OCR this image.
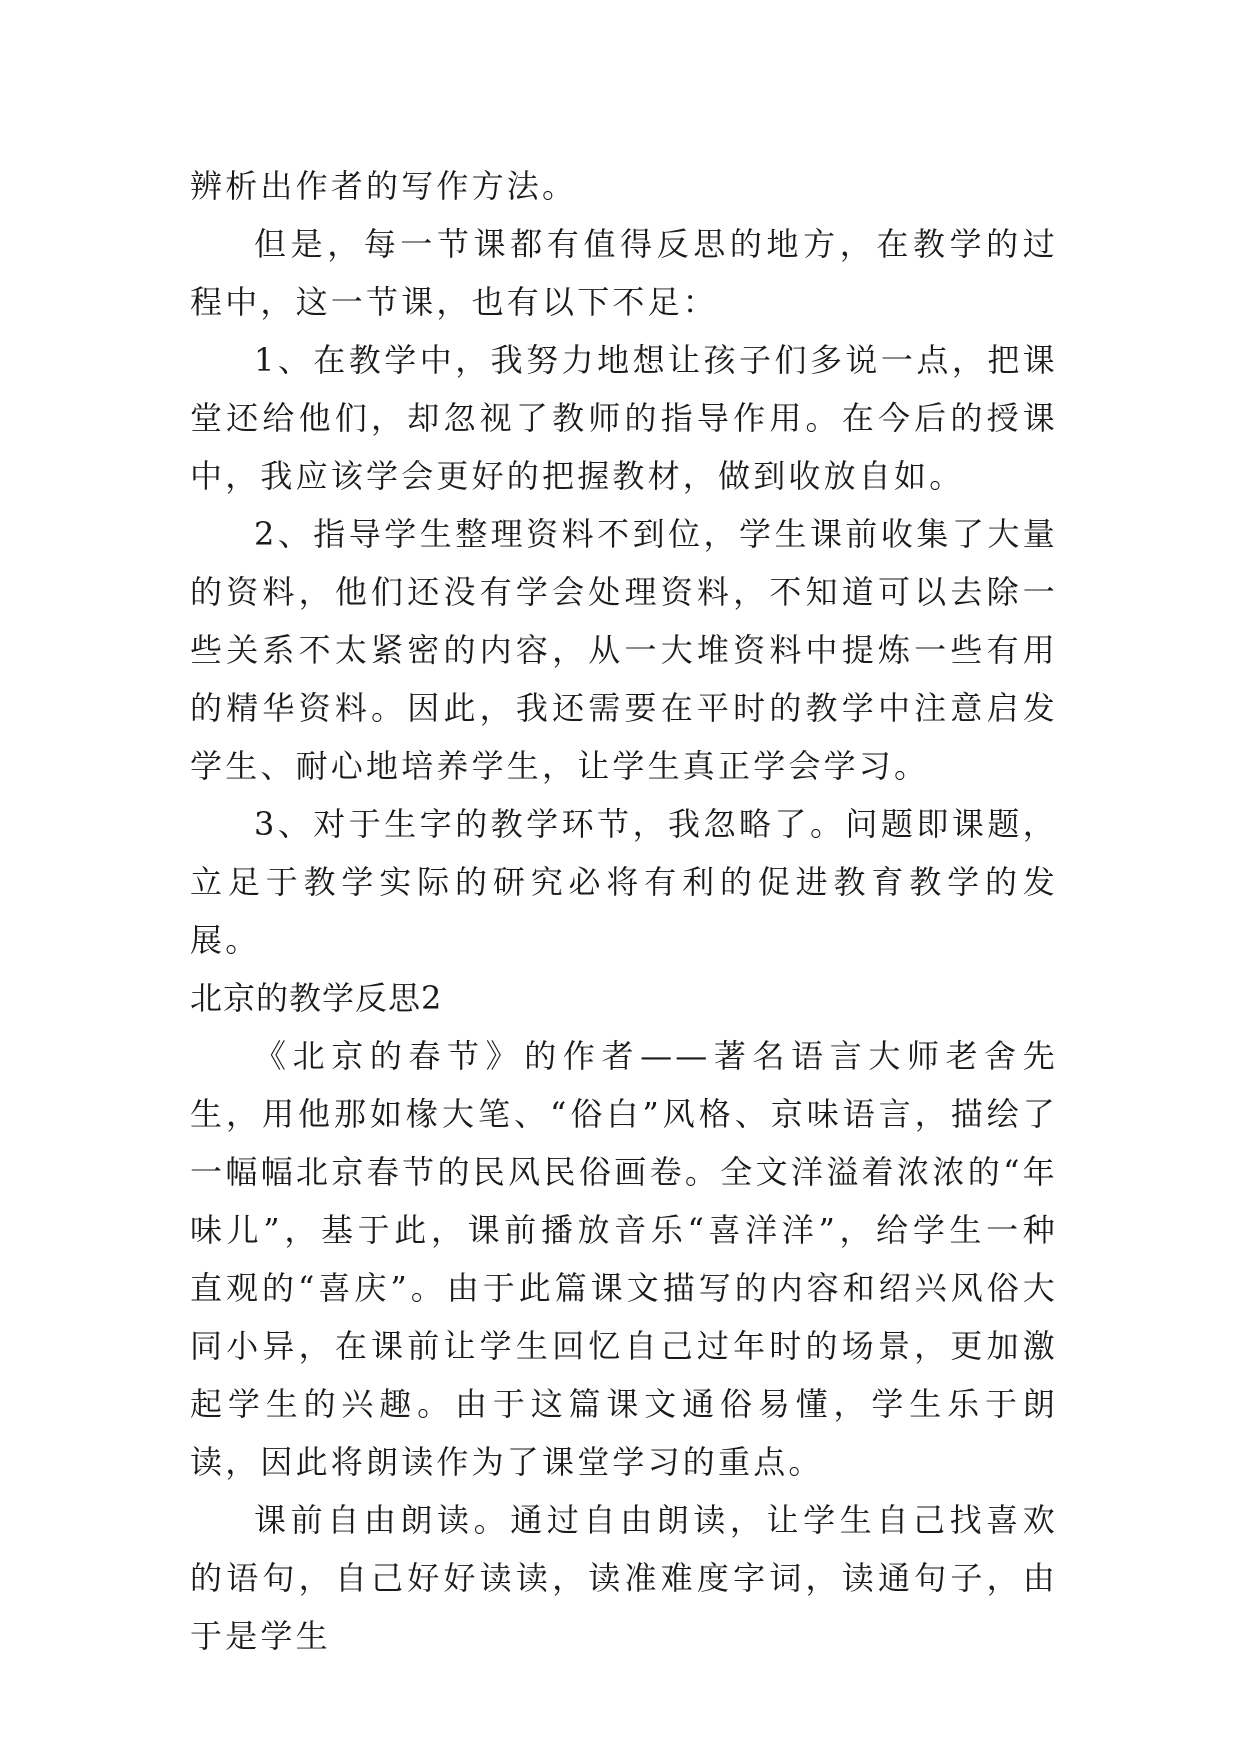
辨析出作者的写作方法。

但是，每一节课都有值得反思的地方，在教学的过程中，这一节课，也有以下不足：

1、在教学中，我努力地想让孩子们多说一点，把课堂还给他们，却忽视了教师的指导作用。在今后的授课中，我应该学会更好的把握教材，做到收放自如。

2、指导学生整理资料不到位，学生课前收集了大量的资料，他们还没有学会处理资料，不知道可以去除一些关系不太紧密的内容，从一大堆资料中提炼一些有用的精华资料。因此，我还需要在平时的教学中注意启发学生、耐心地培养学生，让学生真正学会学习。

3、对于生字的教学环节，我忽略了。问题即课题，立足于教学实际的研究必将有利的促进教育教学的发展。

北京的教学反思2

《北京的春节》的作者——著名语言大师老舍先生，用他那如椽大笔、“俗白”风格、京味语言，描绘了一幅幅北京春节的民风民俗画卷。全文洋溢着浓浓的“年味儿”，基于此，课前播放音乐“喜洋洋”，给学生一种直观的“喜庆”。由于此篇课文描写的内容和绍兴风俗大同小异，在课前让学生回忆自己过年时的场景，更加激起学生的兴趣。由于这篇课文通俗易懂，学生乐于朗读，因此将朗读作为了课堂学习的重点。

课前自由朗读。通过自由朗读，让学生自己找喜欢的语句，自己好好读读，读准难度字词，读通句子，由于是学生
